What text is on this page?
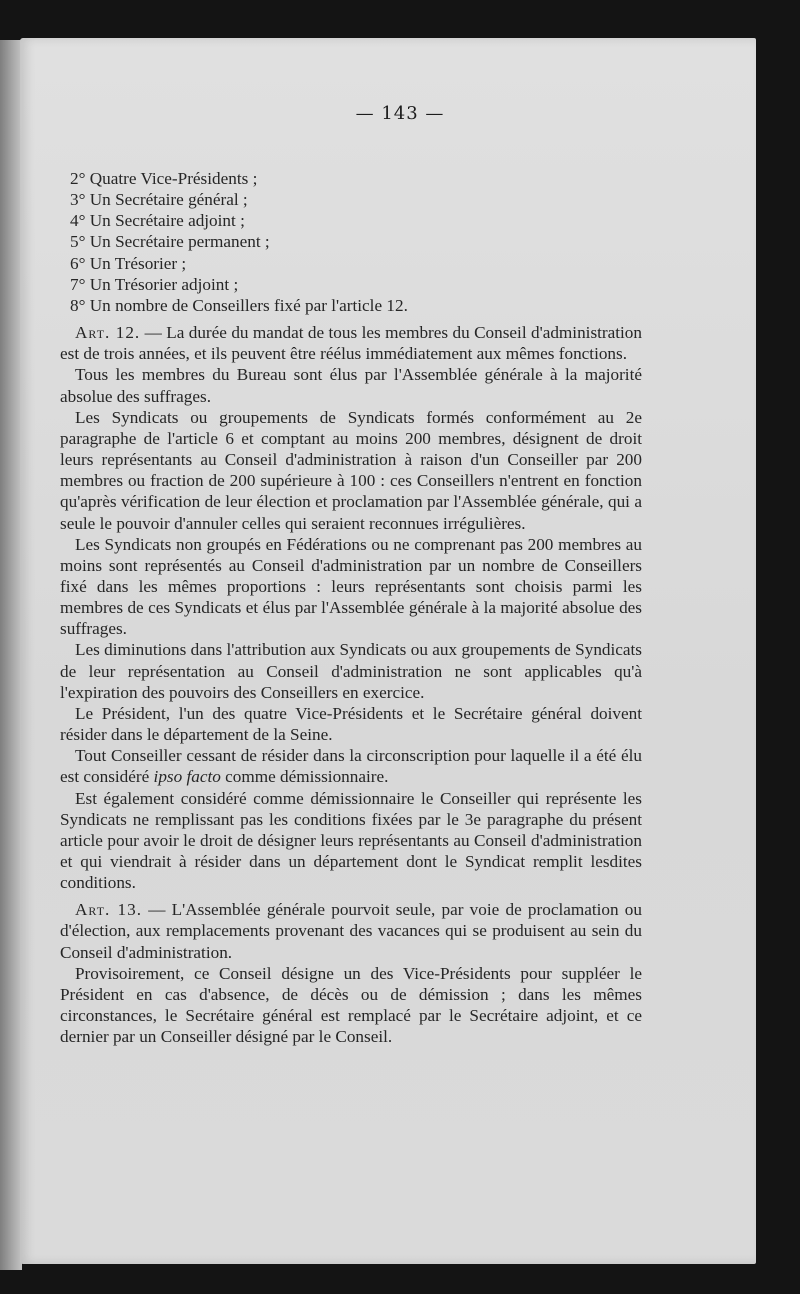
— 143 —
2° Quatre Vice-Présidents ;
3° Un Secrétaire général ;
4° Un Secrétaire adjoint ;
5° Un Secrétaire permanent ;
6° Un Trésorier ;
7° Un Trésorier adjoint ;
8° Un nombre de Conseillers fixé par l'article 12.
Art. 12. — La durée du mandat de tous les membres du Conseil d'administration est de trois années, et ils peuvent être réélus immédiatement aux mêmes fonctions.
Tous les membres du Bureau sont élus par l'Assemblée générale à la majorité absolue des suffrages.
Les Syndicats ou groupements de Syndicats formés conformément au 2e paragraphe de l'article 6 et comptant au moins 200 membres, désignent de droit leurs représentants au Conseil d'administration à raison d'un Conseiller par 200 membres ou fraction de 200 supérieure à 100 : ces Conseillers n'entrent en fonction qu'après vérification de leur élection et proclamation par l'Assemblée générale, qui a seule le pouvoir d'annuler celles qui seraient reconnues irrégulières.
Les Syndicats non groupés en Fédérations ou ne comprenant pas 200 membres au moins sont représentés au Conseil d'administration par un nombre de Conseillers fixé dans les mêmes proportions : leurs représentants sont choisis parmi les membres de ces Syndicats et élus par l'Assemblée générale à la majorité absolue des suffrages.
Les diminutions dans l'attribution aux Syndicats ou aux groupements de Syndicats de leur représentation au Conseil d'administration ne sont applicables qu'à l'expiration des pouvoirs des Conseillers en exercice.
Le Président, l'un des quatre Vice-Présidents et le Secrétaire général doivent résider dans le département de la Seine.
Tout Conseiller cessant de résider dans la circonscription pour laquelle il a été élu est considéré ipso facto comme démissionnaire.
Est également considéré comme démissionnaire le Conseiller qui représente les Syndicats ne remplissant pas les conditions fixées par le 3e paragraphe du présent article pour avoir le droit de désigner leurs représentants au Conseil d'administration et qui viendrait à résider dans un département dont le Syndicat remplit lesdites conditions.
Art. 13. — L'Assemblée générale pourvoit seule, par voie de proclamation ou d'élection, aux remplacements provenant des vacances qui se produisent au sein du Conseil d'administration.
Provisoirement, ce Conseil désigne un des Vice-Présidents pour suppléer le Président en cas d'absence, de décès ou de démission ; dans les mêmes circonstances, le Secrétaire général est remplacé par le Secrétaire adjoint, et ce dernier par un Conseiller désigné par le Conseil.
